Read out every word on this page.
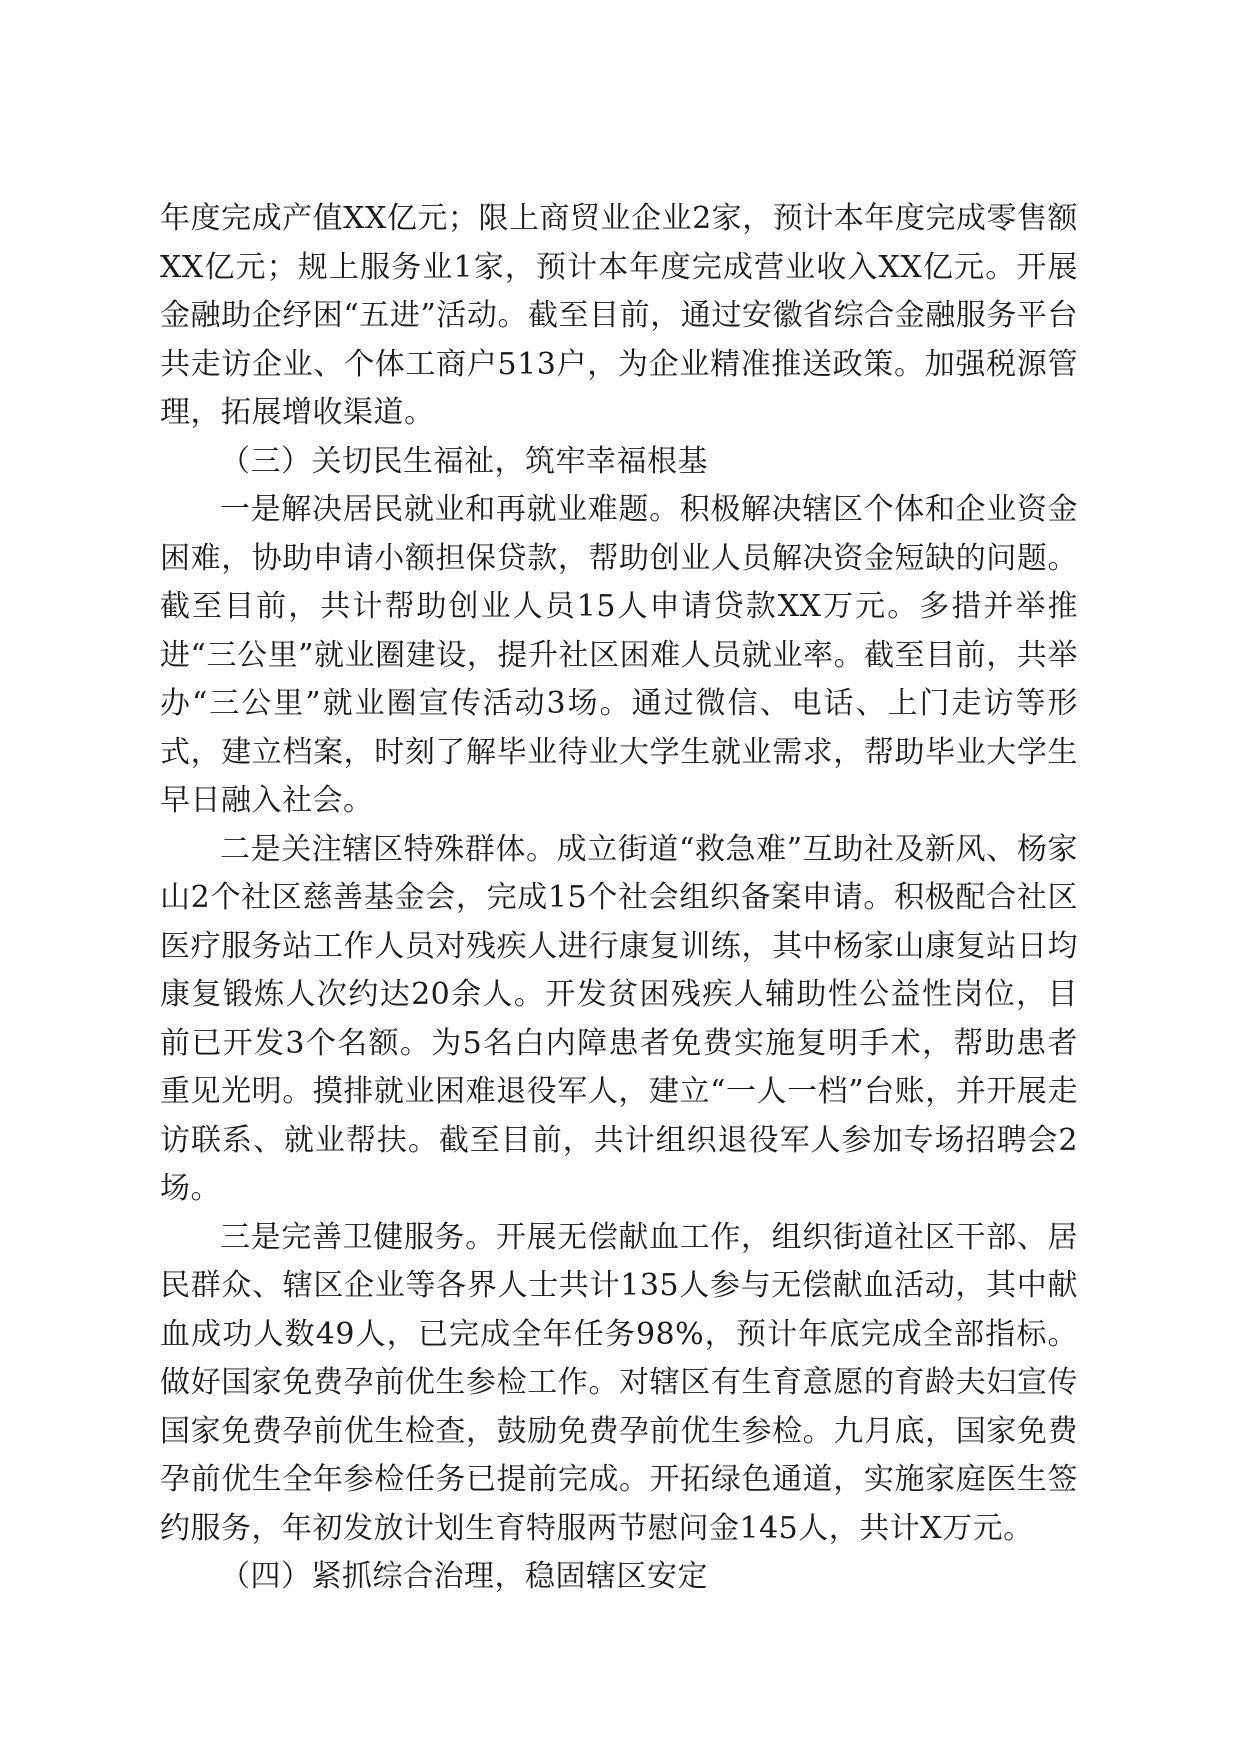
年度完成产值XX亿元；限上商贸业企业2家，预计本年度完成零售额XX亿元；规上服务业1家，预计本年度完成营业收入XX亿元。开展金融助企纾困“五进”活动。截至目前，通过安徽省综合金融服务平台共走访企业、个体工商户513户，为企业精准推送政策。加强税源管理，拓展增收渠道。

（三）关切民生福祉，筑牢幸福根基

一是解决居民就业和再就业难题。积极解决辖区个体和企业资金困难，协助申请小额担保贷款，帮助创业人员解决资金短缺的问题。截至目前，共计帮助创业人员15人申请贷款XX万元。多措并举推进“三公里”就业圈建设，提升社区困难人员就业率。截至目前，共举办“三公里”就业圈宣传活动3场。通过微信、电话、上门走访等形式，建立档案，时刻了解毕业待业大学生就业需求，帮助毕业大学生早日融入社会。

二是关注辖区特殊群体。成立街道“救急难”互助社及新风、杨家山2个社区慈善基金会，完成15个社会组织备案申请。积极配合社区医疗服务站工作人员对残疾人进行康复训练，其中杨家山康复站日均康复锻炼人次约达20余人。开发贫困残疾人辅助性公益性岗位，目前已开发3个名额。为5名白内障患者免费实施复明手术，帮助患者重见光明。摸排就业困难退役军人，建立“一人一档”台账，并开展走访联系、就业帮扶。截至目前，共计组织退役军人参加专场招聘会2场。

三是完善卫健服务。开展无偿献血工作，组织街道社区干部、居民群众、辖区企业等各界人士共计135人参与无偿献血活动，其中献血成功人数49人，已完成全年任务98%，预计年底完成全部指标。做好国家免费孕前优生参检工作。对辖区有生育意愿的育龄夫妇宣传国家免费孕前优生检查，鼓励免费孕前优生参检。九月底，国家免费孕前优生全年参检任务已提前完成。开拓绿色通道，实施家庭医生签约服务，年初发放计划生育特服两节慰问金145人，共计X万元。

（四）紧抓综合治理，稳固辖区安定
